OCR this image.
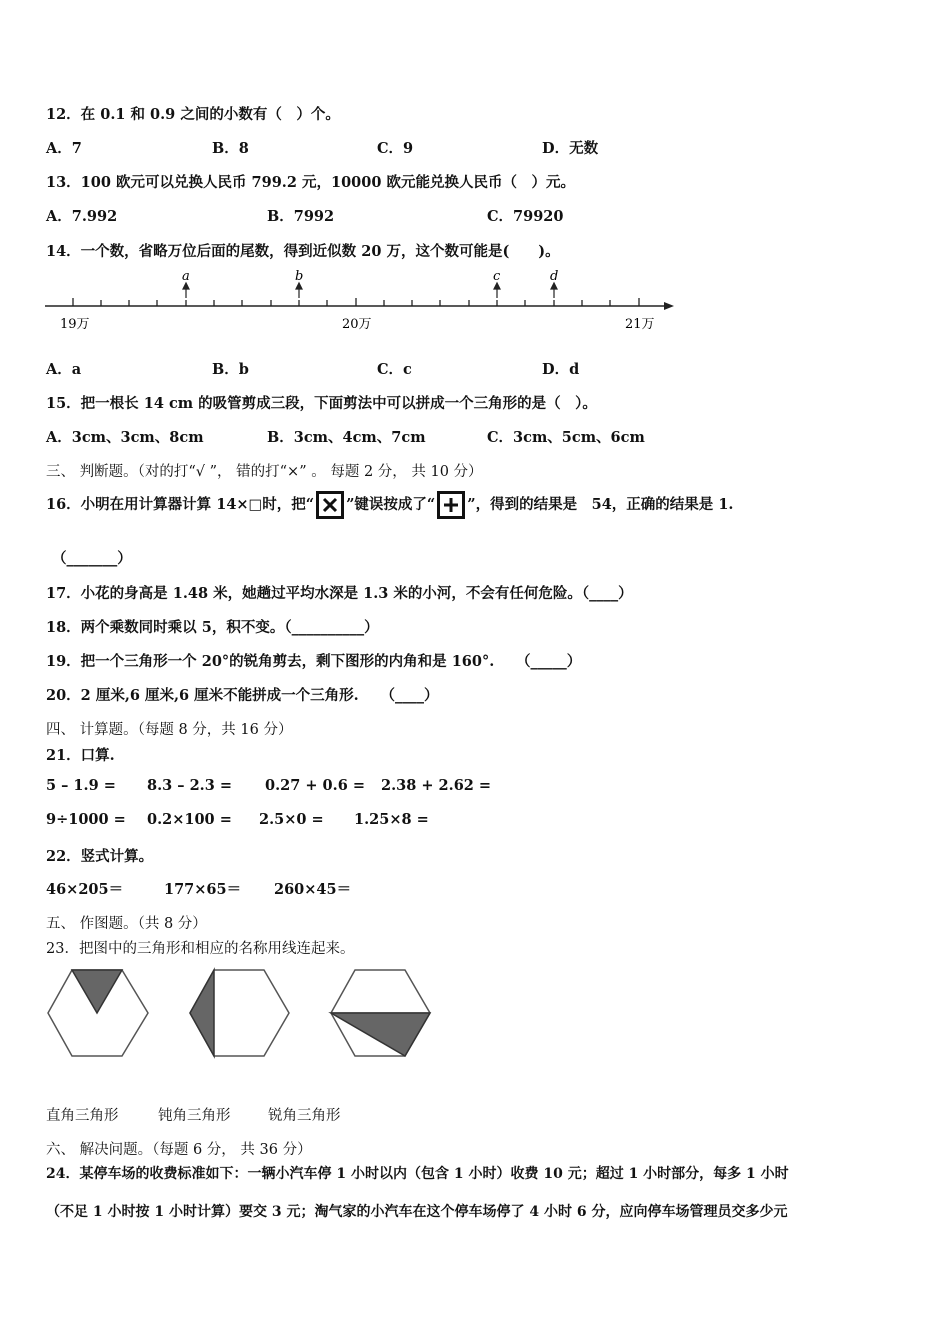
12．在 0.1 和 0.9 之间的小数有（　）个。
A．7	B．8	C．9	D．无数
13．100 欧元可以兑换人民币 799.2 元，10000 欧元能兑换人民币（　）元。
A．7.992	B．7992	C．79920
14．一个数，省略万位后面的尾数，得到近似数 20 万，这个数可能是(　　)。
a	b	c	d
19万	20万	21万
A．a	B．b	C．c	D．d
15．把一根长 14 cm 的吸管剪成三段，下面剪法中可以拼成一个三角形的是（　）。
A．3cm、3cm、8cm	B．3cm、4cm、7cm	C．3cm、5cm、6cm
三、 判断题。（对的打“√ ”， 错的打“×” 。 每题 2 分， 共 10 分）
16．小明在用计算器计算 14×□时，把“ ”键误按成了“ ”，得到的结果是　54，正确的结果是 1.
（_______）
17．小花的身高是 1.48 米，她趟过平均水深是 1.3 米的小河，不会有任何危险。（____）
18．两个乘数同时乘以 5，积不变。（__________）
19．把一个三角形一个 20°的锐角剪去，剩下图形的内角和是 160°.　　（_____）
20．2 厘米,6 厘米,6 厘米不能拼成一个三角形.　　（____）
四、 计算题。（每题 8 分，共 16 分）
21．口算.
5 – 1.9 = 8.3 – 2.3 = 0.27 + 0.6 = 2.38 + 2.62 =
9÷1000 = 0.2×100 = 2.5×0 = 1.25×8 =
22．竖式计算。
46×205＝	177×65＝ 260×45＝
五、 作图题。（共 8 分）
23．把图中的三角形和相应的名称用线连起来。
直角三角形	钝角三角形	锐角三角形
六、 解决问题。（每题 6 分， 共 36 分）
24．某停车场的收费标准如下：一辆小汽车停 1 小时以内（包含 1 小时）收费 10 元；超过 1 小时部分，每多 1 小时
（不足 1 小时按 1 小时计算）要交 3 元；淘气家的小汽车在这个停车场停了 4 小时 6 分，应向停车场管理员交多少元
